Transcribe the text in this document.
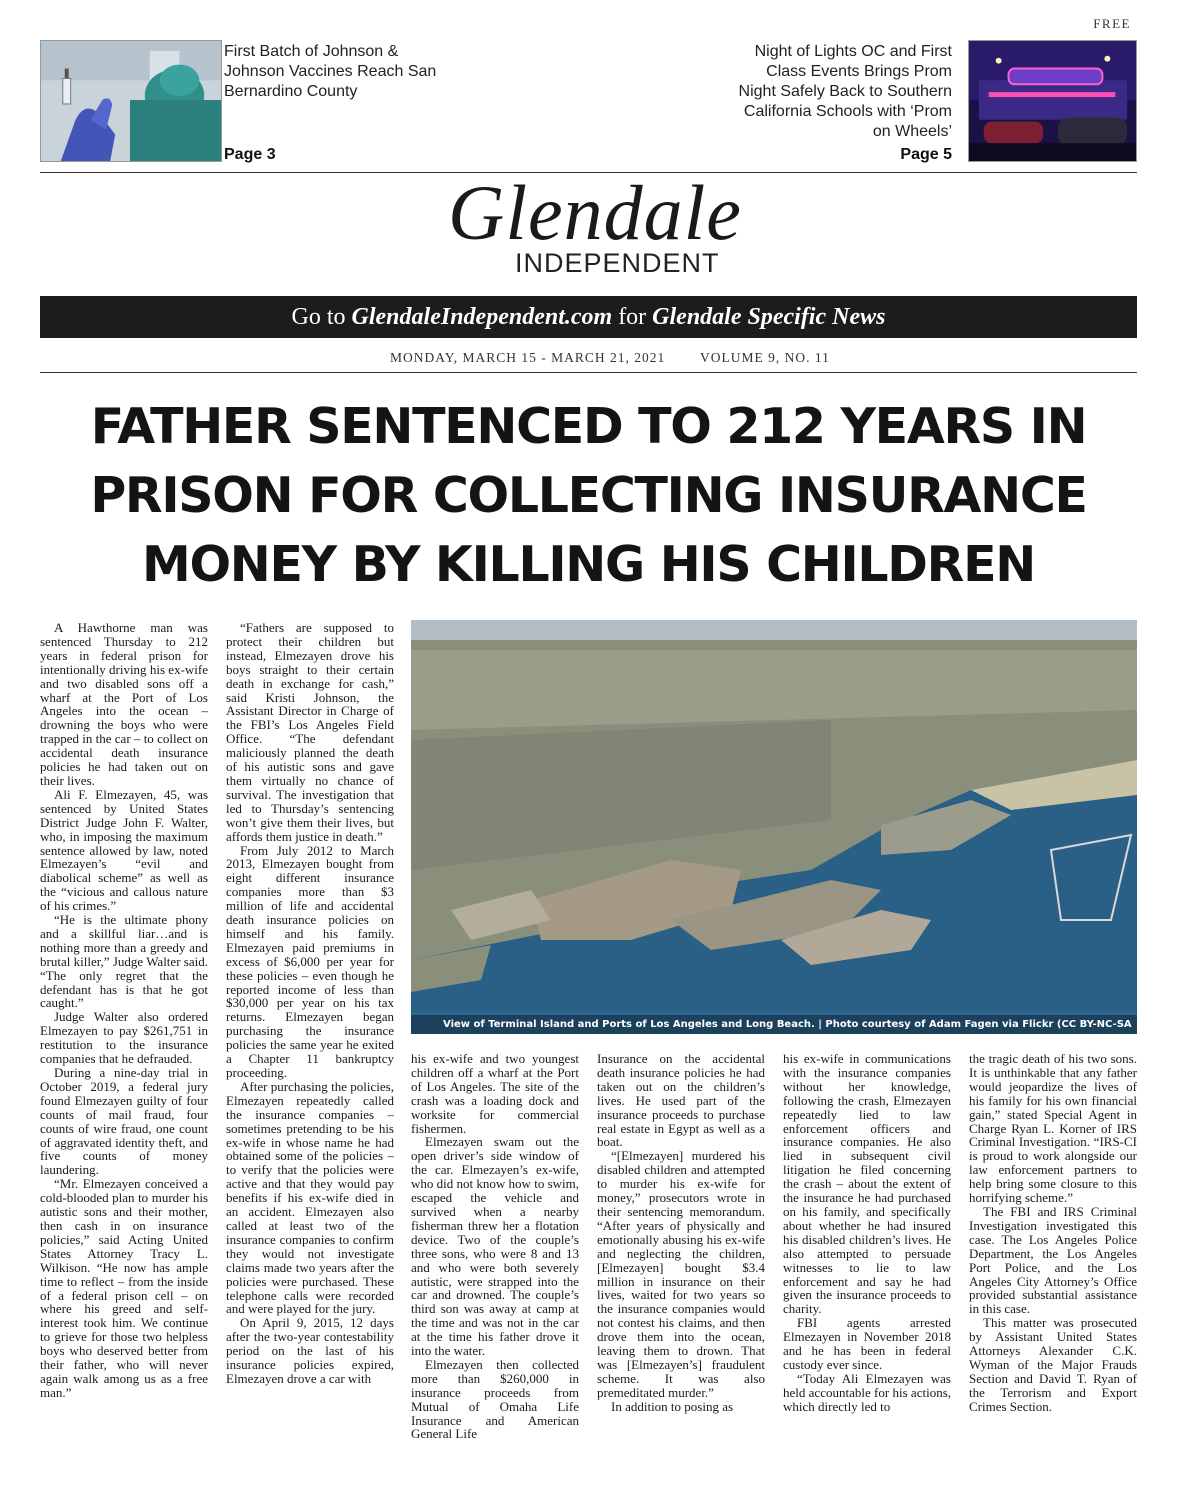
FREE
First Batch of Johnson & Johnson Vaccines Reach San Bernardino County
Page 3
Night of Lights OC and First Class Events Brings Prom Night Safely Back to Southern California Schools with ‘Prom on Wheels’
Page 5
Glendale
INDEPENDENT
Go to GlendaleIndependent.com for Glendale Specific News
MONDAY, MARCH 15 - MARCH 21, 2021	VOLUME 9, NO. 11
FATHER SENTENCED TO 212 YEARS IN PRISON FOR COLLECTING INSURANCE MONEY BY KILLING HIS CHILDREN
View of Terminal Island and Ports of Los Angeles and Long Beach. | Photo courtesy of Adam Fagen via Flickr (CC BY-NC-SA 2.0)

A Hawthorne man was sentenced Thursday to 212 years in federal prison for intentionally driving his ex-wife and two disabled sons off a wharf at the Port of Los Angeles into the ocean – drowning the boys who were trapped in the car – to collect on accidental death insurance policies he had taken out on their lives.

Ali F. Elmezayen, 45, was sentenced by United States District Judge John F. Walter, who, in imposing the maximum sentence allowed by law, noted Elmezayen’s “evil and diabolical scheme” as well as the “vicious and callous nature of his crimes.”

“He is the ultimate phony and a skillful liar…and is nothing more than a greedy and brutal killer,” Judge Walter said. “The only regret that the defendant has is that he got caught.”

Judge Walter also ordered Elmezayen to pay $261,751 in restitution to the insurance companies that he defrauded.

During a nine-day trial in October 2019, a federal jury found Elmezayen guilty of four counts of mail fraud, four counts of wire fraud, one count of aggravated identity theft, and five counts of money laundering.

“Mr. Elmezayen conceived a cold-blooded plan to murder his autistic sons and their mother, then cash in on insurance policies,” said Acting United States Attorney Tracy L. Wilkison. “He now has ample time to reflect – from the inside of a federal prison cell – on where his greed and self-interest took him. We continue to grieve for those two helpless boys who deserved better from their father, who will never again walk among us as a free man.”

“Fathers are supposed to protect their children but instead, Elmezayen drove his boys straight to their certain death in exchange for cash,” said Kristi Johnson, the Assistant Director in Charge of the FBI’s Los Angeles Field Office. “The defendant maliciously planned the death of his autistic sons and gave them virtually no chance of survival. The investigation that led to Thursday’s sentencing won’t give them their lives, but affords them justice in death.”

From July 2012 to March 2013, Elmezayen bought from eight different insurance companies more than $3 million of life and accidental death insurance policies on himself and his family. Elmezayen paid premiums in excess of $6,000 per year for these policies – even though he reported income of less than $30,000 per year on his tax returns. Elmezayen began purchasing the insurance policies the same year he exited a Chapter 11 bankruptcy proceeding.

After purchasing the policies, Elmezayen repeatedly called the insurance companies – sometimes pretending to be his ex-wife in whose name he had obtained some of the policies – to verify that the policies were active and that they would pay benefits if his ex-wife died in an accident. Elmezayen also called at least two of the insurance companies to confirm they would not investigate claims made two years after the policies were purchased. These telephone calls were recorded and were played for the jury.

On April 9, 2015, 12 days after the two-year contestability period on the last of his insurance policies expired, Elmezayen drove a car with

his ex-wife and two youngest children off a wharf at the Port of Los Angeles. The site of the crash was a loading dock and worksite for commercial fishermen.

Elmezayen swam out the open driver’s side window of the car. Elmezayen’s ex-wife, who did not know how to swim, escaped the vehicle and survived when a nearby fisherman threw her a flotation device. Two of the couple’s three sons, who were 8 and 13 and who were both severely autistic, were strapped into the car and drowned. The couple’s third son was away at camp at the time and was not in the car at the time his father drove it into the water.

Elmezayen then collected more than $260,000 in insurance proceeds from Mutual of Omaha Life Insurance and American General Life

Insurance on the accidental death insurance policies he had taken out on the children’s lives. He used part of the insurance proceeds to purchase real estate in Egypt as well as a boat.

“[Elmezayen] murdered his disabled children and attempted to murder his ex-wife for money,” prosecutors wrote in their sentencing memorandum. “After years of physically and emotionally abusing his ex-wife and neglecting the children, [Elmezayen] bought $3.4 million in insurance on their lives, waited for two years so the insurance companies would not contest his claims, and then drove them into the ocean, leaving them to drown. That was [Elmezayen’s] fraudulent scheme. It was also premeditated murder.”

In addition to posing as

his ex-wife in communications with the insurance companies without her knowledge, following the crash, Elmezayen repeatedly lied to law enforcement officers and insurance companies. He also lied in subsequent civil litigation he filed concerning the crash – about the extent of the insurance he had purchased on his family, and specifically about whether he had insured his disabled children’s lives. He also attempted to persuade witnesses to lie to law enforcement and say he had given the insurance proceeds to charity.

FBI agents arrested Elmezayen in November 2018 and he has been in federal custody ever since.

“Today Ali Elmezayen was held accountable for his actions, which directly led to

the tragic death of his two sons. It is unthinkable that any father would jeopardize the lives of his family for his own financial gain,” stated Special Agent in Charge Ryan L. Korner of IRS Criminal Investigation. “IRS-CI is proud to work alongside our law enforcement partners to help bring some closure to this horrifying scheme.”

The FBI and IRS Criminal Investigation investigated this case. The Los Angeles Police Department, the Los Angeles Port Police, and the Los Angeles City Attorney’s Office provided substantial assistance in this case.

This matter was prosecuted by Assistant United States Attorneys Alexander C.K. Wyman of the Major Frauds Section and David T. Ryan of the Terrorism and Export Crimes Section.
